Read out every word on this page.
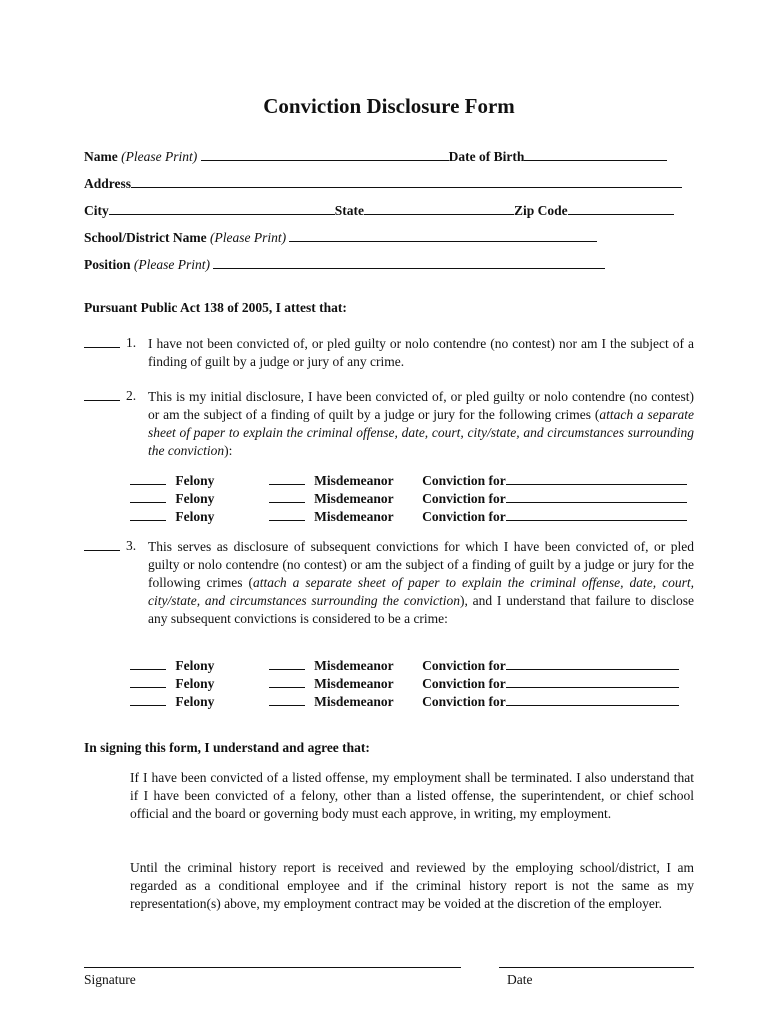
Conviction Disclosure Form
Name (Please Print)	Date of Birth
Address
City	State	Zip Code
School/District Name (Please Print)
Position (Please Print)
Pursuant Public Act 138 of 2005, I attest that:
1. I have not been convicted of, or pled guilty or nolo contendre (no contest) nor am I the subject of a finding of guilt by a judge or jury of any crime.
2. This is my initial disclosure, I have been convicted of, or pled guilty or nolo contendre (no contest) or am the subject of a finding of quilt by a judge or jury for the following crimes (attach a separate sheet of paper to explain the criminal offense, date, court, city/state, and circumstances surrounding the conviction):
Felony	Misdemeanor Conviction for
Felony	Misdemeanor Conviction for
Felony	Misdemeanor Conviction for
3. This serves as disclosure of subsequent convictions for which I have been convicted of, or pled guilty or nolo contendre (no contest) or am the subject of a finding of guilt by a judge or jury for the following crimes (attach a separate sheet of paper to explain the criminal offense, date, court, city/state, and circumstances surrounding the conviction), and I understand that failure to disclose any subsequent convictions is considered to be a crime:
Felony	Misdemeanor Conviction for
Felony	Misdemeanor Conviction for
Felony	Misdemeanor Conviction for
In signing this form, I understand and agree that:
If I have been convicted of a listed offense, my employment shall be terminated. I also understand that if I have been convicted of a felony, other than a listed offense, the superintendent, or chief school official and the board or governing body must each approve, in writing, my employment.
Until the criminal history report is received and reviewed by the employing school/district, I am regarded as a conditional employee and if the criminal history report is not the same as my representation(s) above, my employment contract may be voided at the discretion of the employer.
Signature	Date
